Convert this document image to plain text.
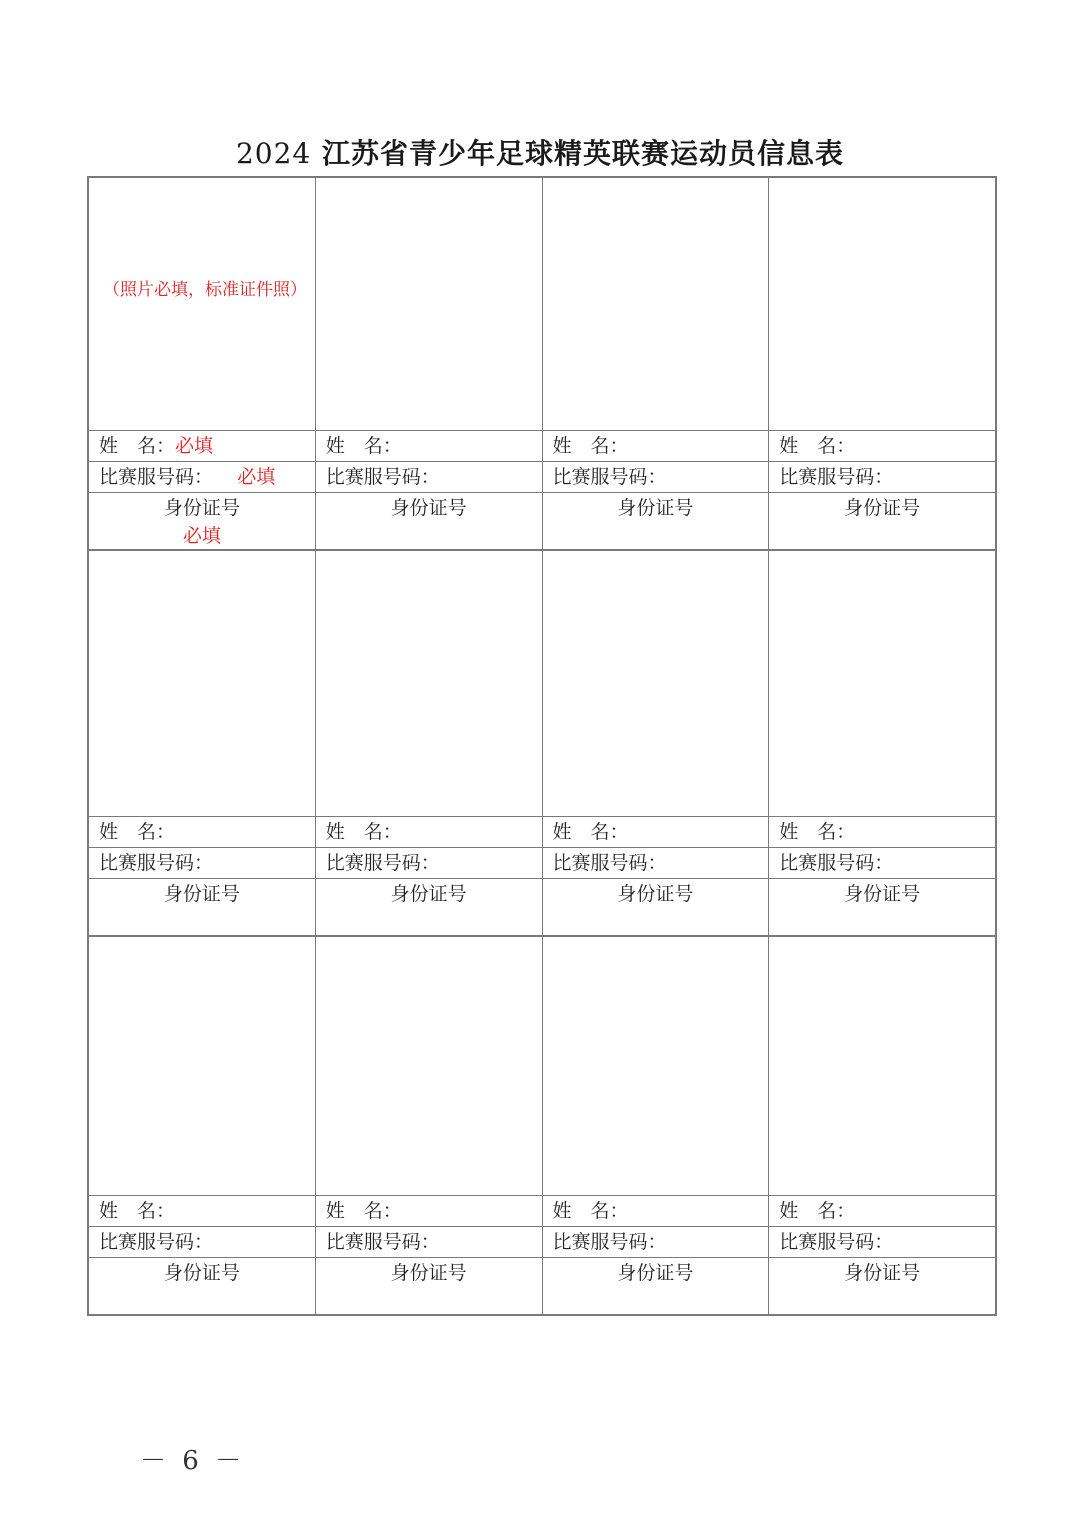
2024 江苏省青少年足球精英联赛运动员信息表
（照片必填，标准证件照）
姓　名：必填
比赛服号码： 必填
身份证号
必填
姓　名：
比赛服号码：
身份证号
姓　名：
比赛服号码：
身份证号
姓　名：
比赛服号码：
身份证号
姓　名：
比赛服号码：
身份证号
姓　名：
比赛服号码：
身份证号
姓　名：
比赛服号码：
身份证号
姓　名：
比赛服号码：
身份证号
姓　名：
比赛服号码：
身份证号
姓　名：
比赛服号码：
身份证号
姓　名：
比赛服号码：
身份证号
姓　名：
比赛服号码：
身份证号
－ 6 －
